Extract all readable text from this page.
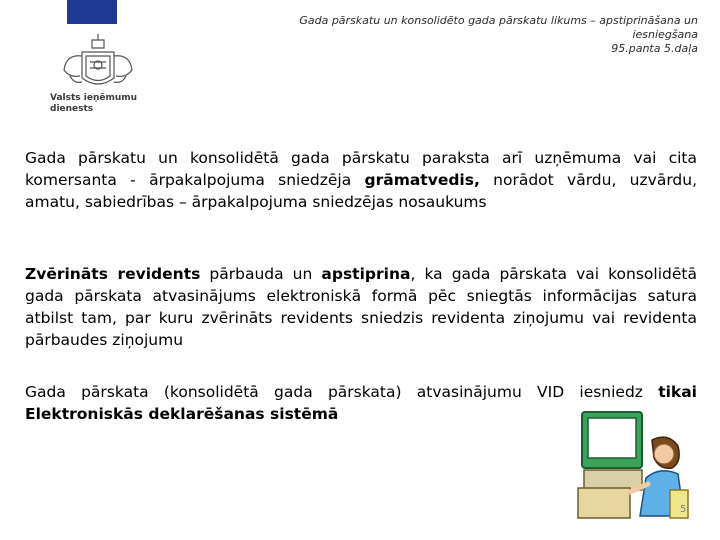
Valsts ieņēmumu
dienests
Gada pārskatu un konsolidēto gada pārskatu likums – apstiprināšana un
iesniegšana
95.panta 5.daļa
Gada pārskatu un konsolidētā gada pārskatu paraksta arī uzņēmuma vai cita komersanta - ārpakalpojuma sniedzēja grāmatvedis, norādot vārdu, uzvārdu, amatu, sabiedrības – ārpakalpojuma sniedzējas nosaukums
Zvērināts revidents pārbauda un apstiprina, ka gada pārskata vai konsolidētā gada pārskata atvasinājums elektroniskā formā pēc sniegtās informācijas satura atbilst tam, par kuru zvērināts revidents sniedzis revidenta ziņojumu vai revidenta pārbaudes ziņojumu
Gada pārskata (konsolidētā gada pārskata) atvasinājumu VID iesniedz tikai Elektroniskās deklarēšanas sistēmā
5
